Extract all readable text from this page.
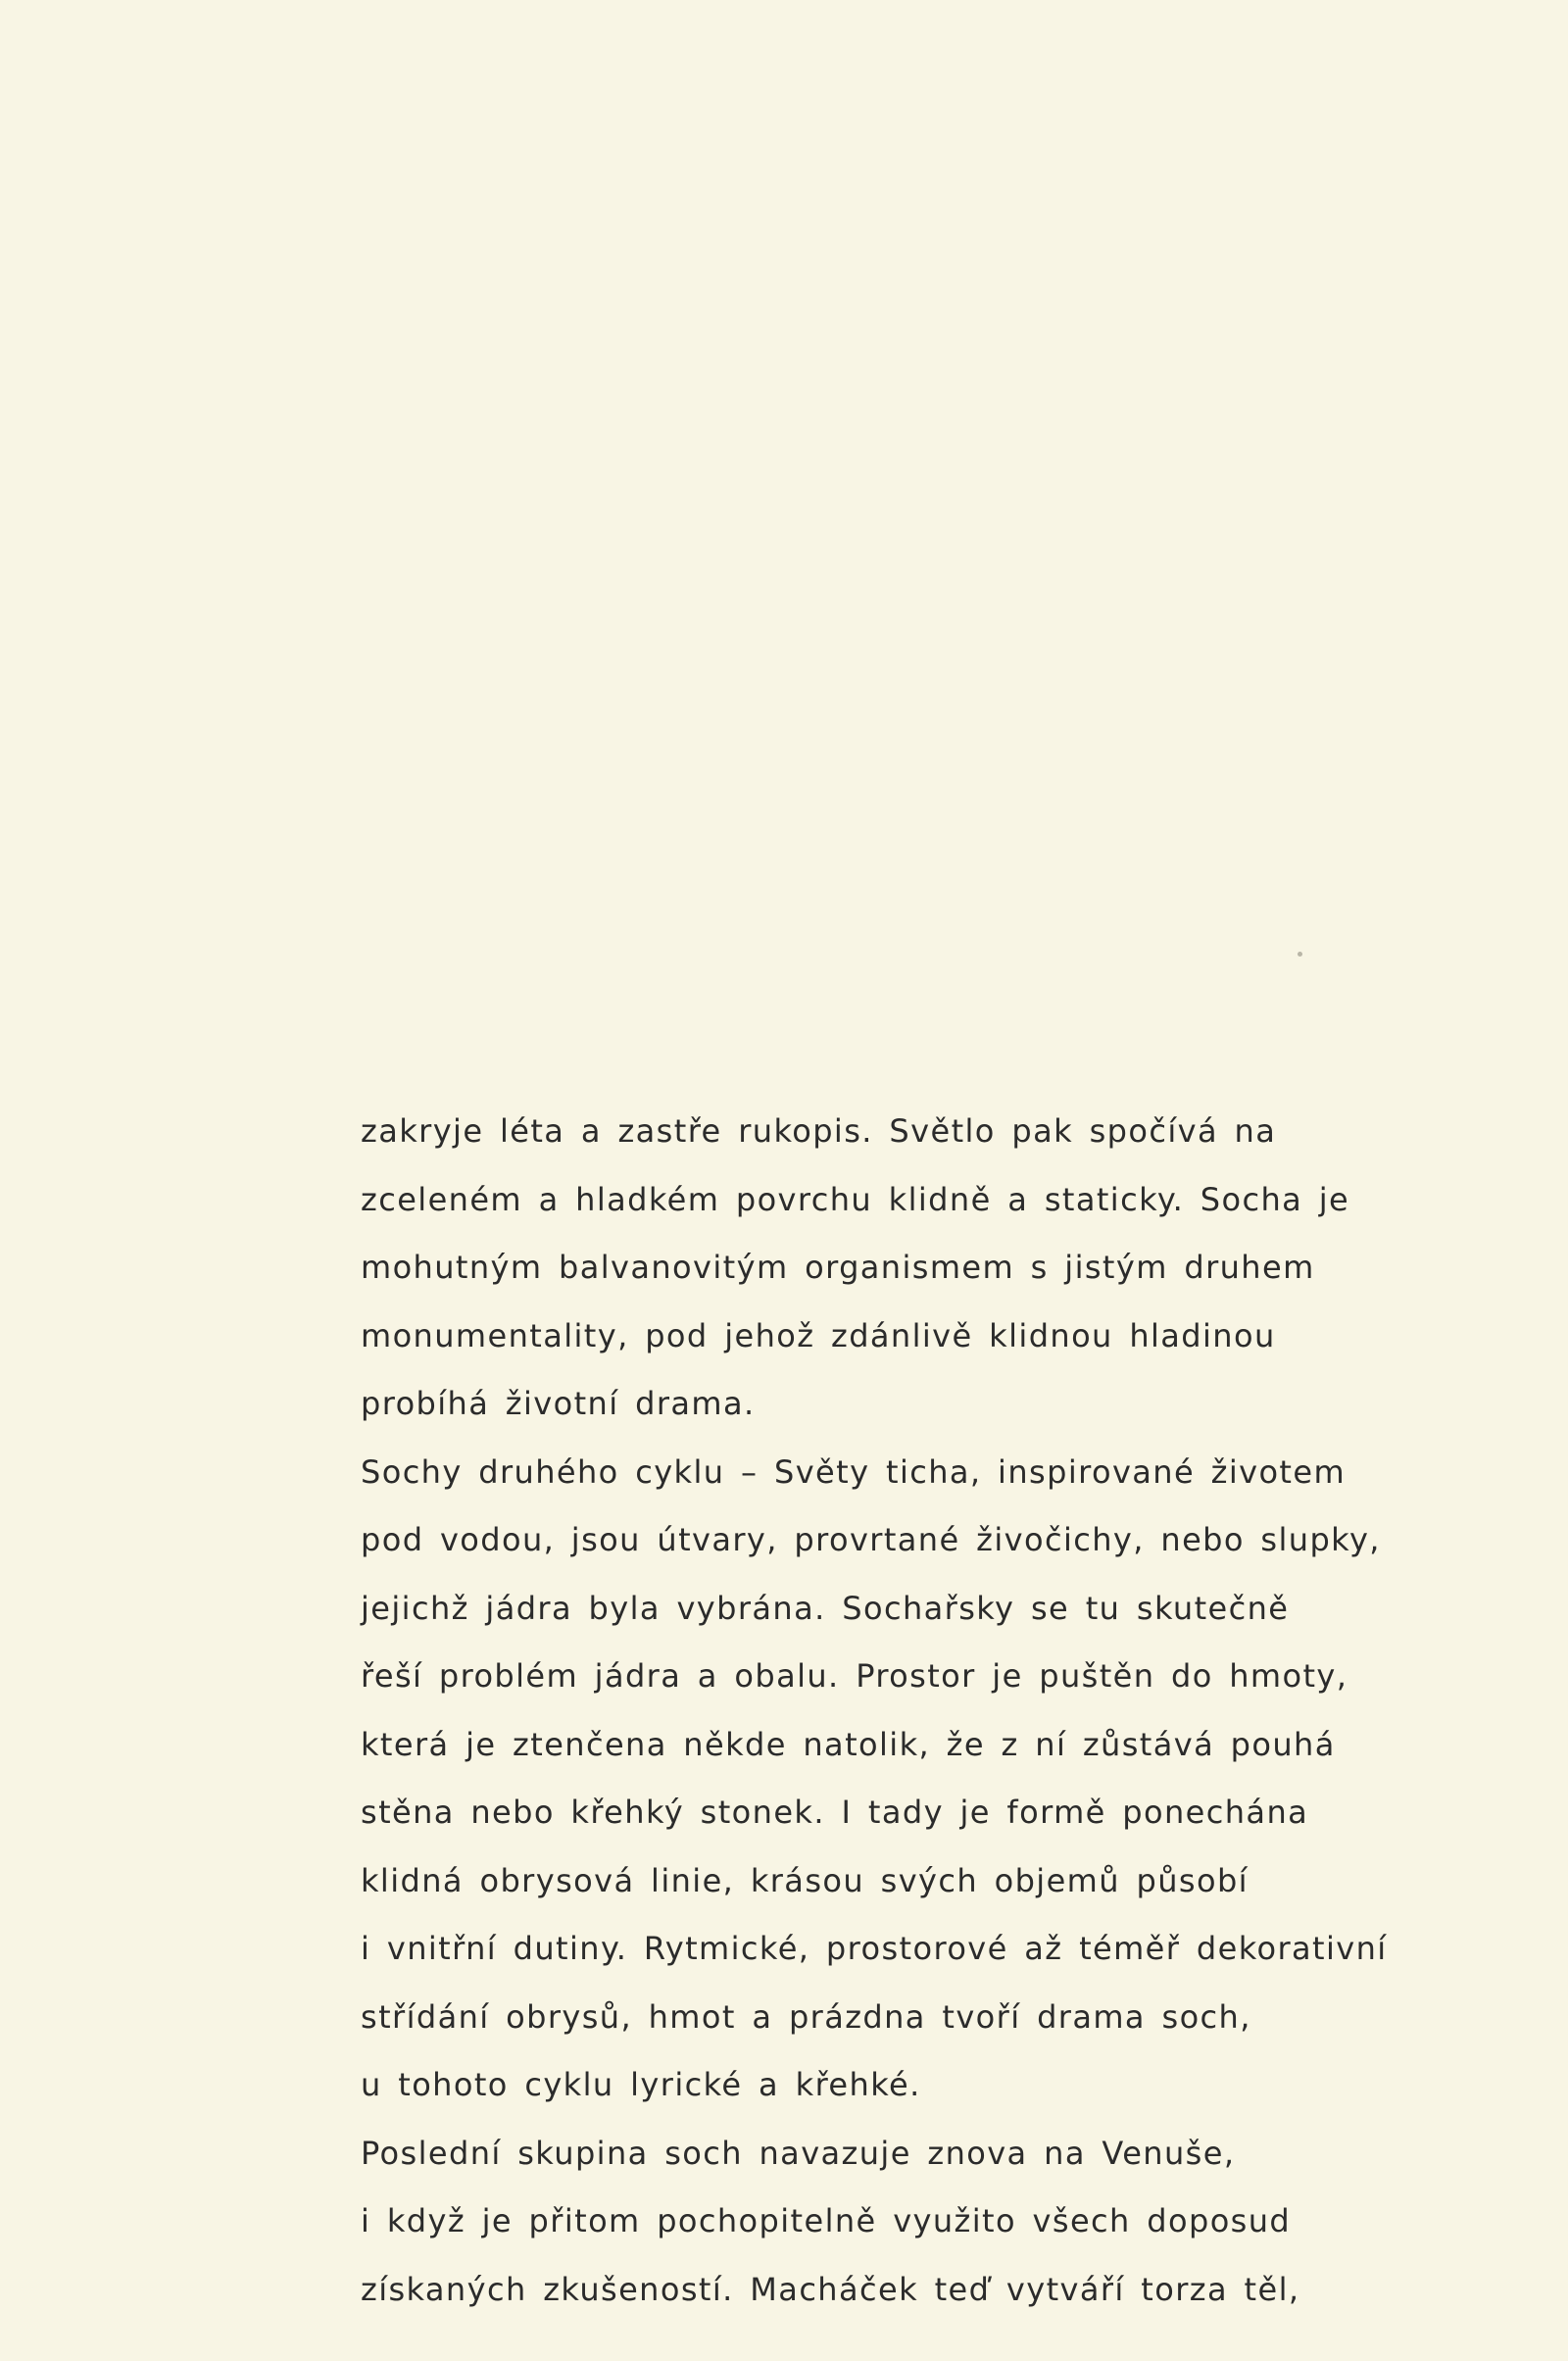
zakryje léta a zastře rukopis. Světlo pak spočívá na
zceleném a hladkém povrchu klidně a staticky. Socha je
mohutným balvanovitým organismem s jistým druhem
monumentality, pod jehož zdánlivě klidnou hladinou
probíhá životní drama.
Sochy druhého cyklu – Světy ticha, inspirované životem
pod vodou, jsou útvary, provrtané živočichy, nebo slupky,
jejichž jádra byla vybrána. Sochařsky se tu skutečně
řeší problém jádra a obalu. Prostor je puštěn do hmoty,
která je ztenčena někde natolik, že z ní zůstává pouhá
stěna nebo křehký stonek. I tady je formě ponechána
klidná obrysová linie, krásou svých objemů působí
i vnitřní dutiny. Rytmické, prostorové až téměř dekorativní
střídání obrysů, hmot a prázdna tvoří drama soch,
u tohoto cyklu lyrické a křehké.
Poslední skupina soch navazuje znova na Venuše,
i když je přitom pochopitelně využito všech doposud
získaných zkušeností. Macháček teď vytváří torza těl,
